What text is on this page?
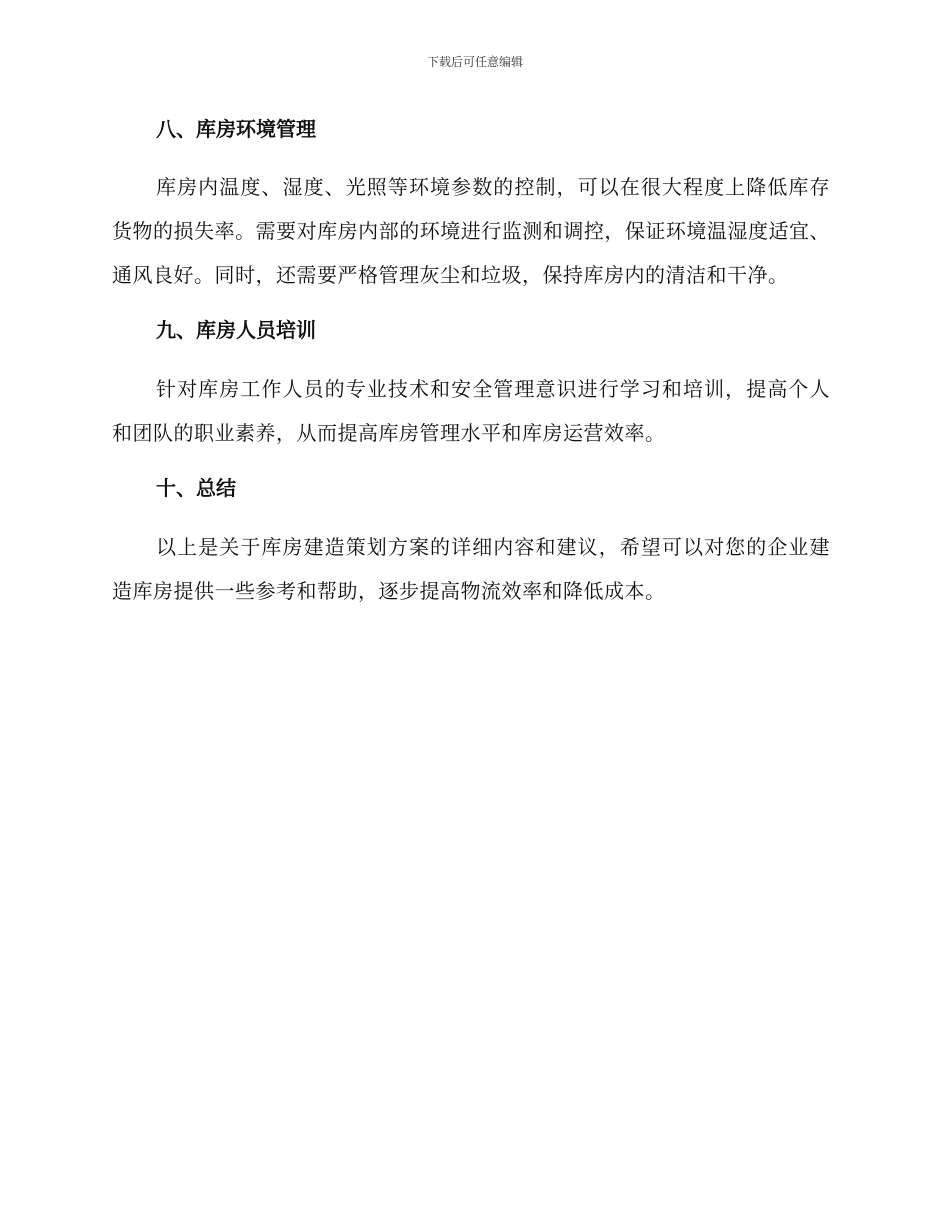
下载后可任意编辑
八、库房环境管理

库房内温度、湿度、光照等环境参数的控制，可以在很大程度上降低库存货物的损失率。需要对库房内部的环境进行监测和调控，保证环境温湿度适宜、通风良好。同时，还需要严格管理灰尘和垃圾，保持库房内的清洁和干净。

九、库房人员培训

针对库房工作人员的专业技术和安全管理意识进行学习和培训，提高个人和团队的职业素养，从而提高库房管理水平和库房运营效率。

十、总结

以上是关于库房建造策划方案的详细内容和建议，希望可以对您的企业建造库房提供一些参考和帮助，逐步提高物流效率和降低成本。
